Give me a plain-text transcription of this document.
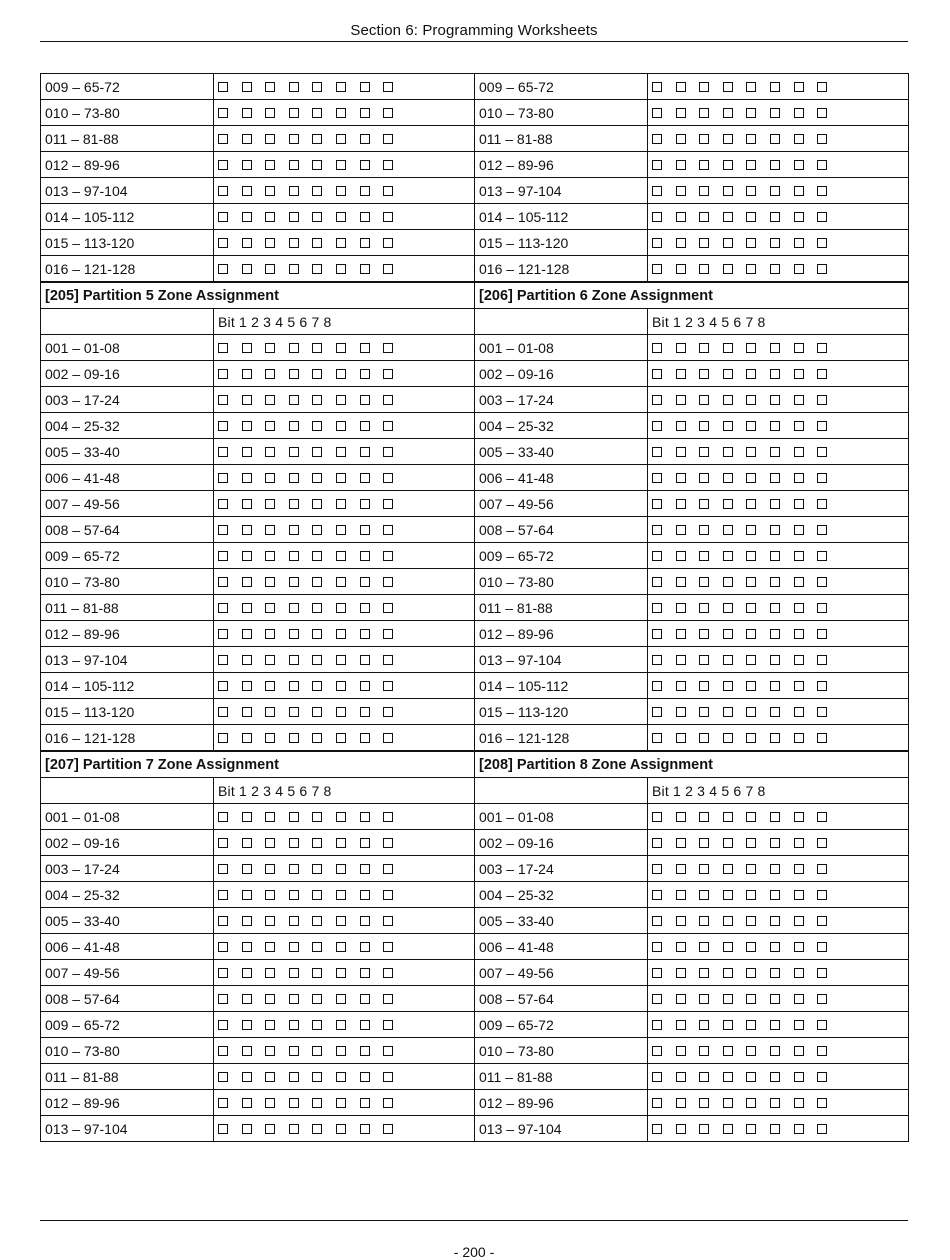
Section 6: Programming Worksheets
009 – 65-72		009 – 65-72	
010 – 73-80		010 – 73-80	
011 – 81-88		011 – 81-88	
012 – 89-96		012 – 89-96	
013 – 97-104		013 – 97-104	
014 – 105-112		014 – 105-112	
015 – 113-120		015 – 113-120	
016 – 121-128		016 – 121-128	
[205] Partition 5 Zone Assignment		[206] Partition 6 Zone Assignment	
	Bit 1 2 3 4 5 6 7 8		Bit 1 2 3 4 5 6 7 8
001 – 01-08		001 – 01-08	
002 – 09-16		002 – 09-16	
003 – 17-24		003 – 17-24	
004 – 25-32		004 – 25-32	
005 – 33-40		005 – 33-40	
006 – 41-48		006 – 41-48	
007 – 49-56		007 – 49-56	
008 – 57-64		008 – 57-64	
009 – 65-72		009 – 65-72	
010 – 73-80		010 – 73-80	
011 – 81-88		011 – 81-88	
012 – 89-96		012 – 89-96	
013 – 97-104		013 – 97-104	
014 – 105-112		014 – 105-112	
015 – 113-120		015 – 113-120	
016 – 121-128		016 – 121-128	
[207] Partition 7 Zone Assignment		[208] Partition 8 Zone Assignment	
	Bit 1 2 3 4 5 6 7 8		Bit 1 2 3 4 5 6 7 8
001 – 01-08		001 – 01-08	
002 – 09-16		002 – 09-16	
003 – 17-24		003 – 17-24	
004 – 25-32		004 – 25-32	
005 – 33-40		005 – 33-40	
006 – 41-48		006 – 41-48	
007 – 49-56		007 – 49-56	
008 – 57-64		008 – 57-64	
009 – 65-72		009 – 65-72	
010 – 73-80		010 – 73-80	
011 – 81-88		011 – 81-88	
012 – 89-96		012 – 89-96	
013 – 97-104		013 – 97-104	
- 200 -
